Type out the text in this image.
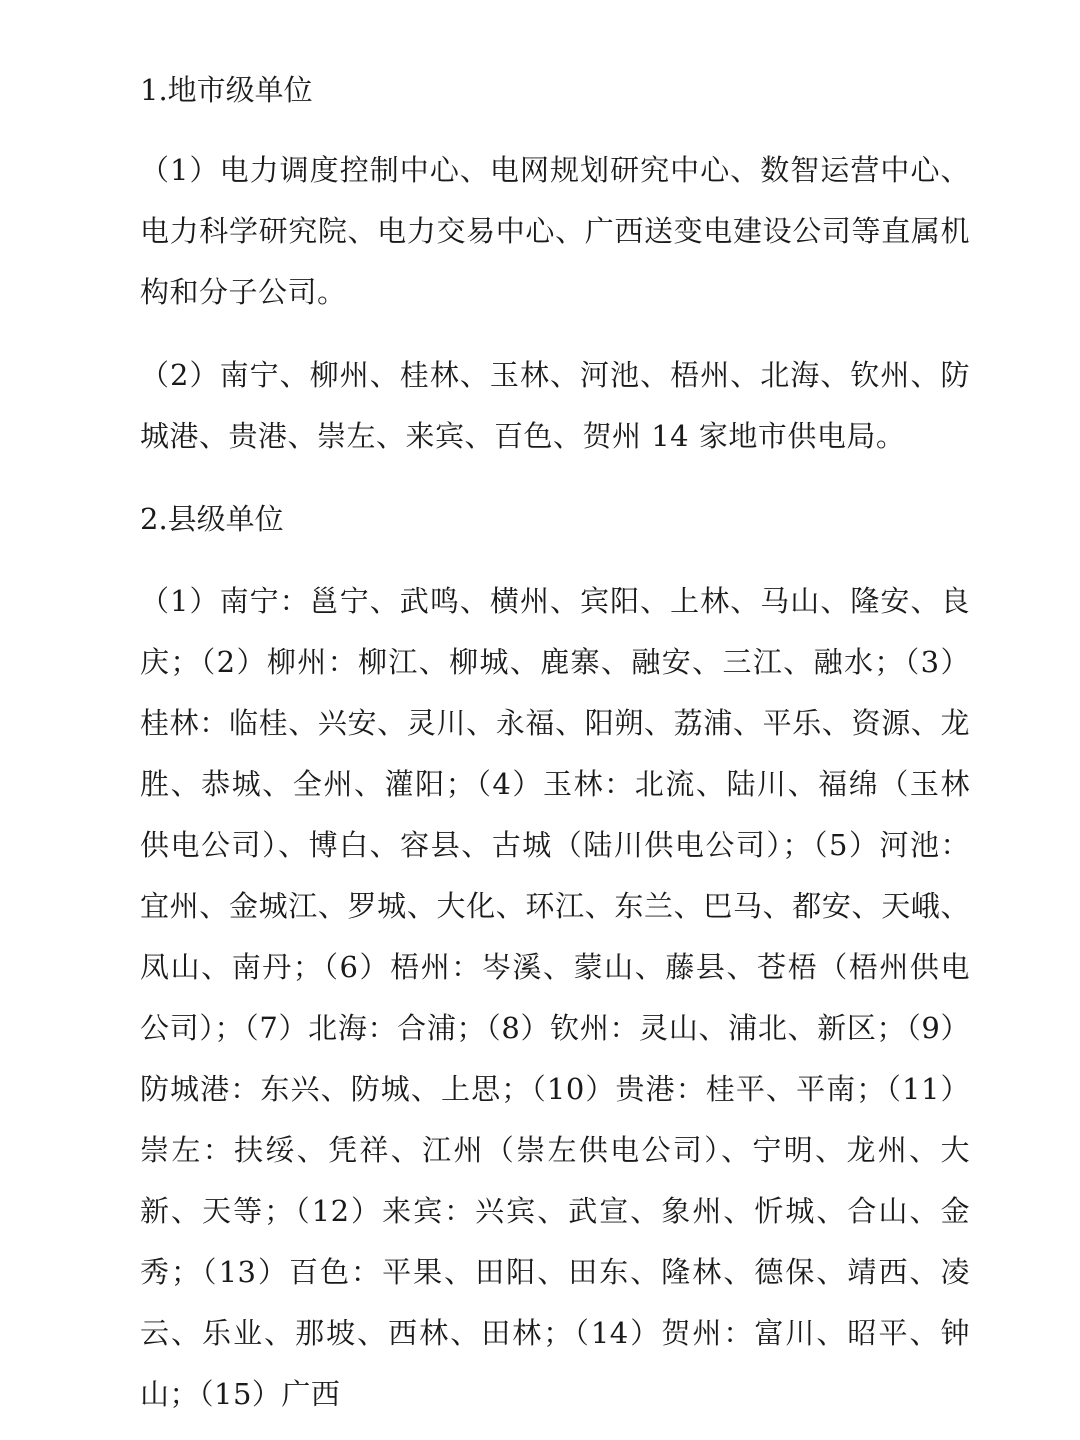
1.地市级单位

（1）电力调度控制中心、电网规划研究中心、数智运营中心、电力科学研究院、电力交易中心、广西送变电建设公司等直属机构和分子公司。

（2）南宁、柳州、桂林、玉林、河池、梧州、北海、钦州、防城港、贵港、崇左、来宾、百色、贺州 14 家地市供电局。

2.县级单位

（1）南宁：邕宁、武鸣、横州、宾阳、上林、马山、隆安、良庆；（2）柳州：柳江、柳城、鹿寨、融安、三江、融水；（3）桂林：临桂、兴安、灵川、永福、阳朔、荔浦、平乐、资源、龙胜、恭城、全州、灌阳；（4）玉林：北流、陆川、福绵（玉林供电公司）、博白、容县、古城（陆川供电公司）；（5）河池：宜州、金城江、罗城、大化、环江、东兰、巴马、都安、天峨、凤山、南丹；（6）梧州：岑溪、蒙山、藤县、苍梧（梧州供电公司）；（7）北海：合浦；（8）钦州：灵山、浦北、新区；（9）防城港：东兴、防城、上思；（10）贵港：桂平、平南；（11）崇左：扶绥、凭祥、江州（崇左供电公司）、宁明、龙州、大新、天等；（12）来宾：兴宾、武宣、象州、忻城、合山、金秀；（13）百色：平果、田阳、田东、隆林、德保、靖西、凌云、乐业、那坡、西林、田林；（14）贺州：富川、昭平、钟山；（15）广西
